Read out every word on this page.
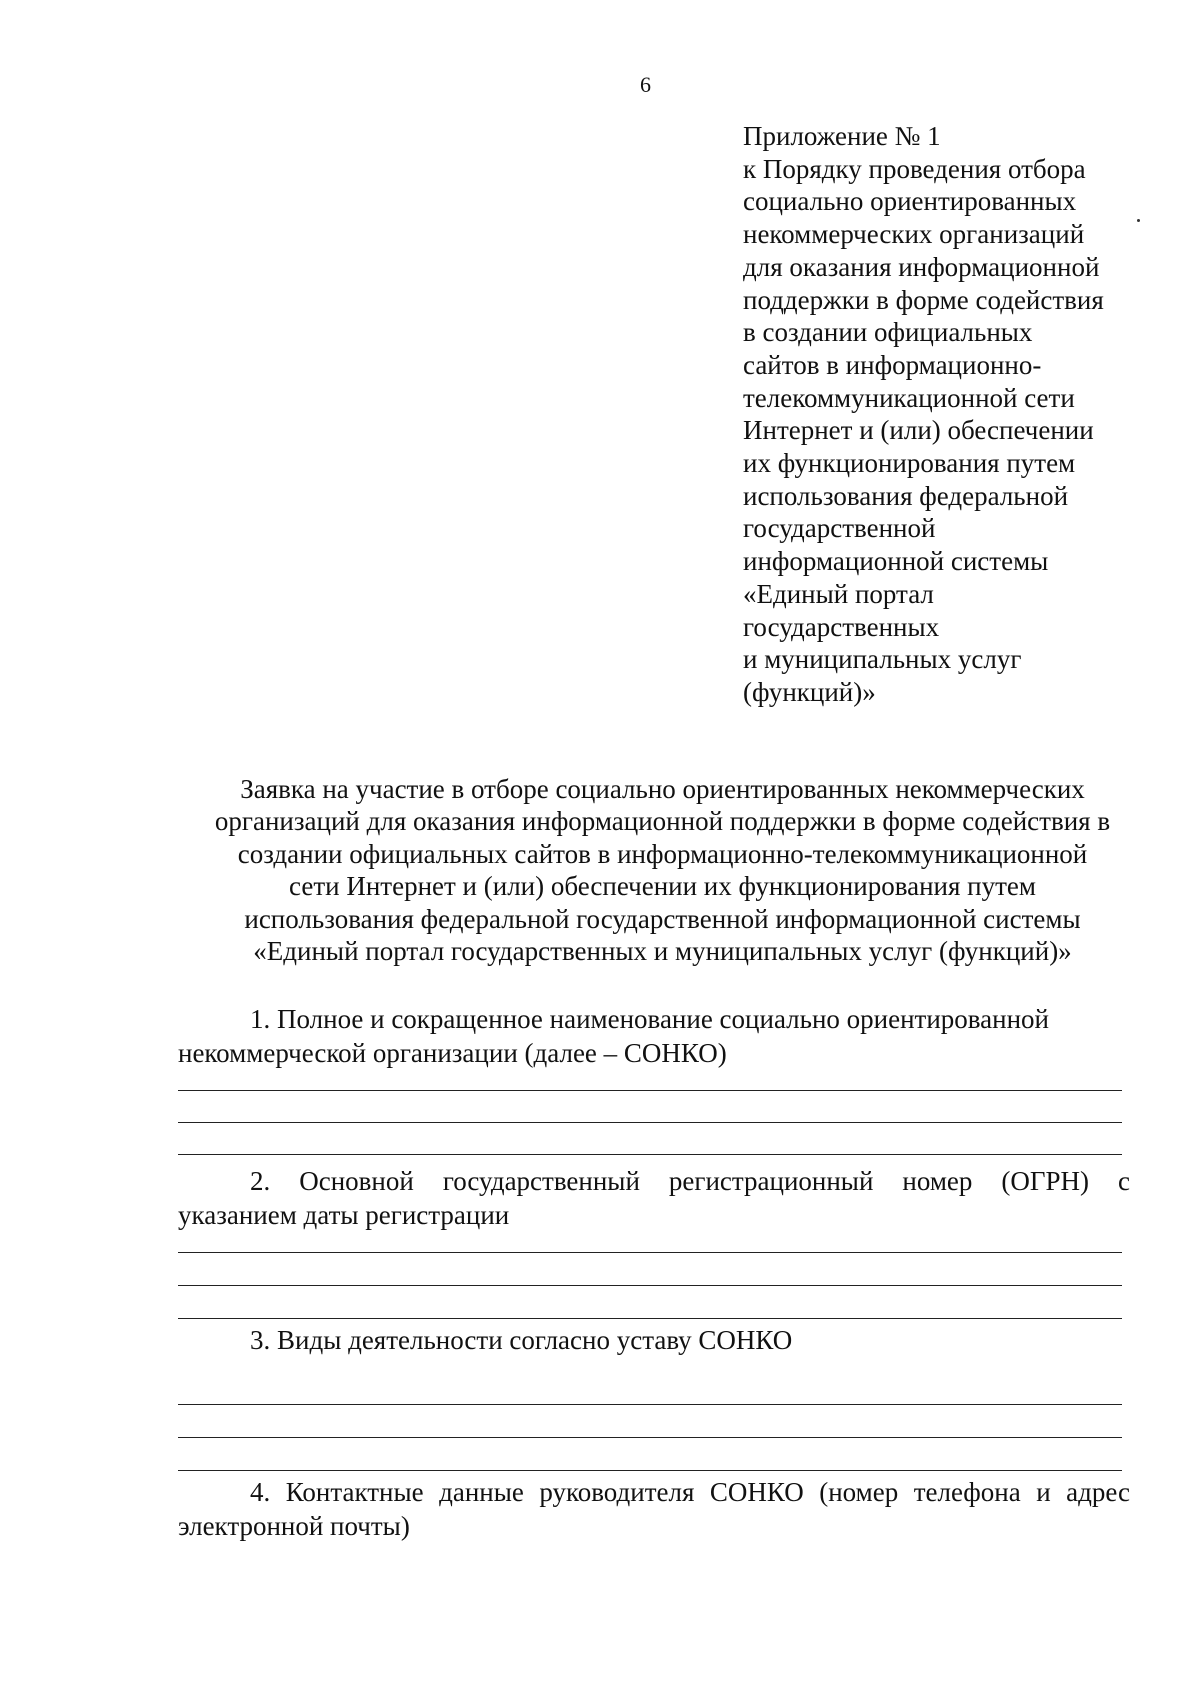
6
Приложение № 1
к Порядку проведения отбора
социально ориентированных
некоммерческих организаций
для оказания информационной
поддержки в форме содействия
в создании официальных
сайтов в информационно-
телекоммуникационной сети
Интернет и (или) обеспечении
их функционирования путем
использования федеральной
государственной
информационной системы
«Единый портал
государственных
и муниципальных услуг
(функций)»
Заявка на участие в отборе социально ориентированных некоммерческих
организаций для оказания информационной поддержки в форме содействия в
создании официальных сайтов в информационно-телекоммуникационной
сети Интернет и (или) обеспечении их функционирования путем
использования федеральной государственной информационной системы
«Единый портал государственных и муниципальных услуг (функций)»
1. Полное и сокращенное наименование социально ориентированной
некоммерческой организации (далее – СОНКО)
2. Основной государственный регистрационный номер (ОГРН) с
указанием даты регистрации
3. Виды деятельности согласно уставу СОНКО
4. Контактные данные руководителя СОНКО (номер телефона и адрес
электронной почты)
